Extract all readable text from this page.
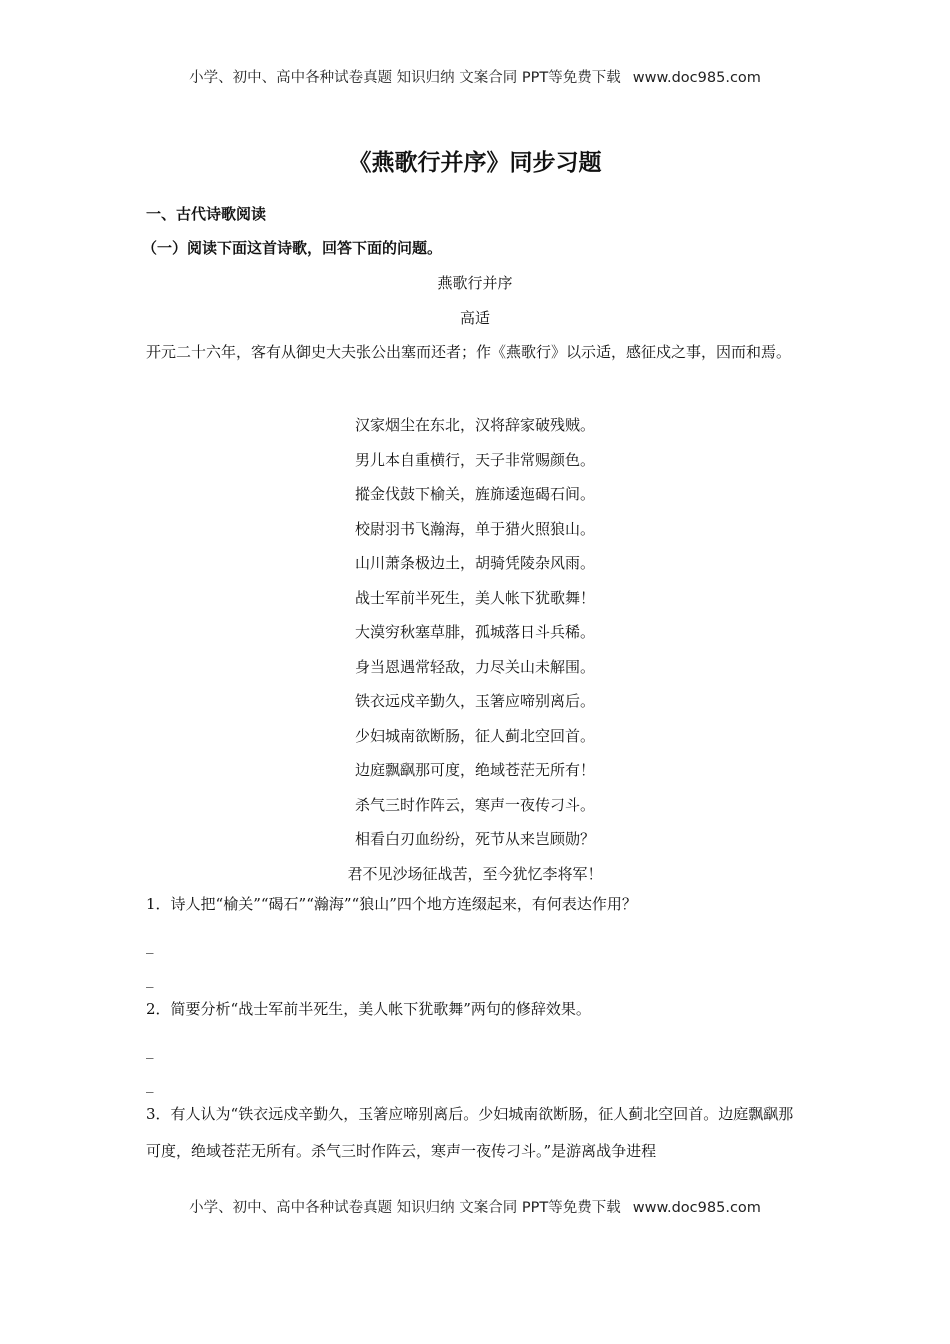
小学、初中、高中各种试卷真题 知识归纳 文案合同 PPT等免费下载 www.doc985.com
《燕歌行并序》同步习题
一、古代诗歌阅读
（一）阅读下面这首诗歌，回答下面的问题。
燕歌行并序
高适
开元二十六年，客有从御史大夫张公出塞而还者；作《燕歌行》以示适，感征戍之事，因而和焉。
汉家烟尘在东北，汉将辞家破残贼。
男儿本自重横行，天子非常赐颜色。
摐金伐鼓下榆关，旌旆逶迤碣石间。
校尉羽书飞瀚海，单于猎火照狼山。
山川萧条极边土，胡骑凭陵杂风雨。
战士军前半死生，美人帐下犹歌舞！
大漠穷秋塞草腓，孤城落日斗兵稀。
身当恩遇常轻敌，力尽关山未解围。
铁衣远戍辛勤久，玉箸应啼别离后。
少妇城南欲断肠，征人蓟北空回首。
边庭飘飖那可度，绝域苍茫无所有！
杀气三时作阵云，寒声一夜传刁斗。
相看白刃血纷纷，死节从来岂顾勋？
君不见沙场征战苦，至今犹忆李将军！
1．诗人把“榆关”“碣石”“瀚海”“狼山”四个地方连缀起来，有何表达作用？
_
_
2．简要分析“战士军前半死生，美人帐下犹歌舞”两句的修辞效果。
_
_
3．有人认为“铁衣远戍辛勤久，玉箸应啼别离后。少妇城南欲断肠，征人蓟北空回首。边庭飘飖那可度，绝域苍茫无所有。杀气三时作阵云，寒声一夜传刁斗。”是游离战争进程
小学、初中、高中各种试卷真题 知识归纳 文案合同 PPT等免费下载 www.doc985.com
